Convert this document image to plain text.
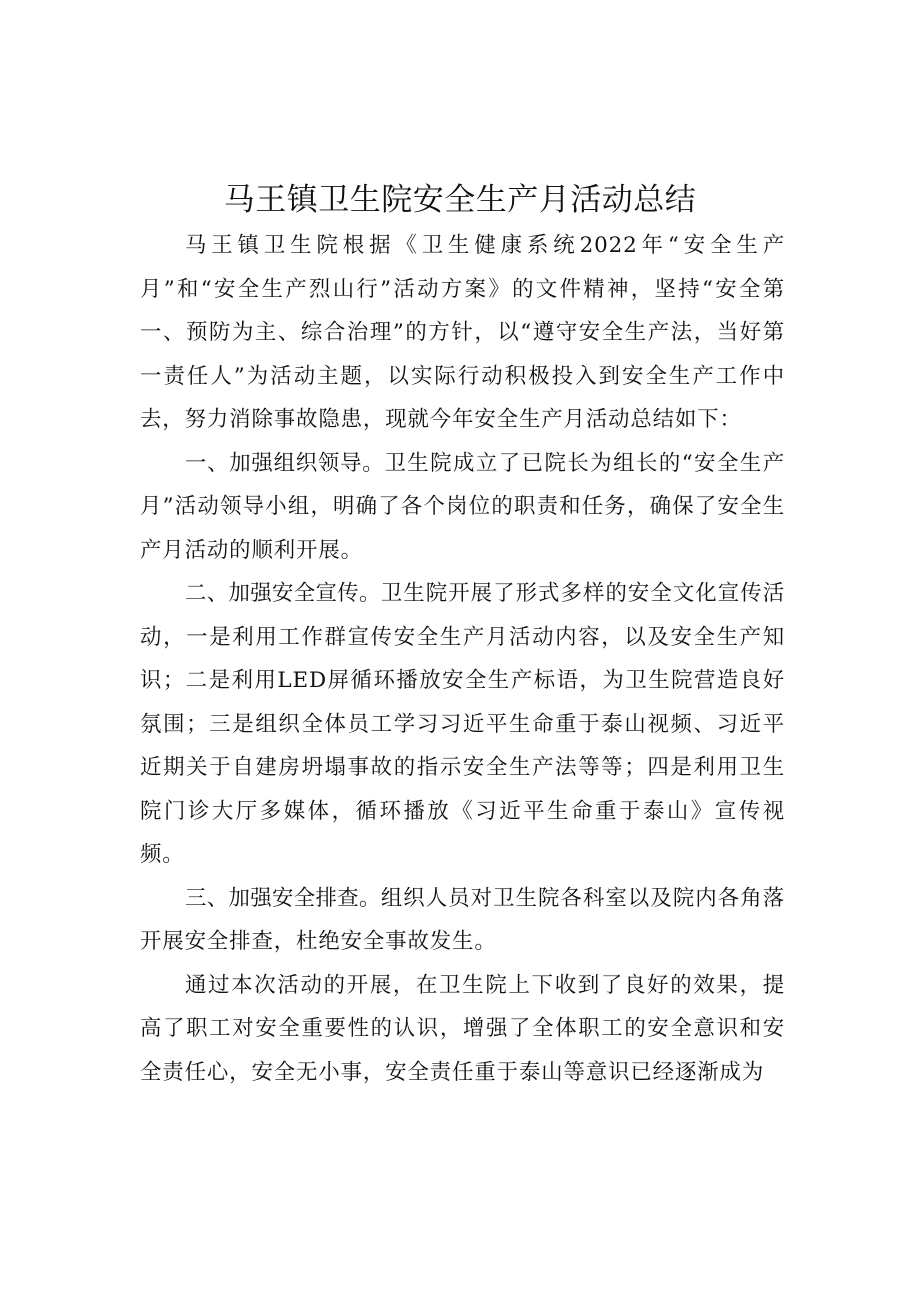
马王镇卫生院安全生产月活动总结

马王镇卫生院根据《卫生健康系统2022年“安全生产月”和“安全生产烈山行”活动方案》的文件精神，坚持“安全第一、预防为主、综合治理”的方针，以“遵守安全生产法，当好第一责任人”为活动主题，以实际行动积极投入到安全生产工作中去，努力消除事故隐患，现就今年安全生产月活动总结如下：

一、加强组织领导。卫生院成立了已院长为组长的“安全生产月”活动领导小组，明确了各个岗位的职责和任务，确保了安全生产月活动的顺利开展。

二、加强安全宣传。卫生院开展了形式多样的安全文化宣传活动，一是利用工作群宣传安全生产月活动内容，以及安全生产知识；二是利用LED屏循环播放安全生产标语，为卫生院营造良好氛围；三是组织全体员工学习习近平生命重于泰山视频、习近平近期关于自建房坍塌事故的指示安全生产法等等；四是利用卫生院门诊大厅多媒体，循环播放《习近平生命重于泰山》宣传视频。

三、加强安全排查。组织人员对卫生院各科室以及院内各角落开展安全排查，杜绝安全事故发生。

通过本次活动的开展，在卫生院上下收到了良好的效果，提高了职工对安全重要性的认识，增强了全体职工的安全意识和安全责任心，安全无小事，安全责任重于泰山等意识已经逐渐成为
